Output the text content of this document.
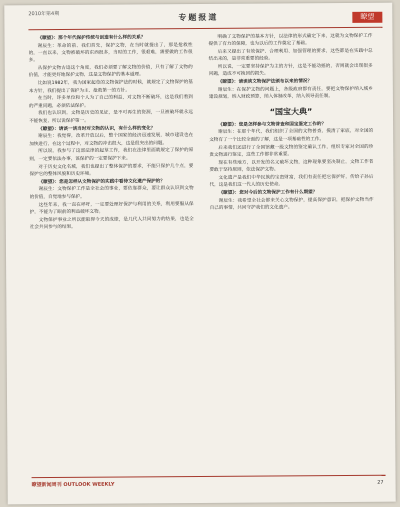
2010年第4期	专题报道	瞭望

《瞭望》：那个年代保护传统与创造有什么样的关系？

谢辰生：革命的前、我们首先，保护文物，在当时就提出了，那是抢救性的，一直以来，文物被破坏的东西很多，当时的工作，很艰难，需要做的工作很多。

从保护文物古迹这个角度，我们必须要了解文物的价值，只有了解了文物的价值，才能更好地保护文物，这是文物保护的基本道理。

比如说1982年，我为国家起草的文物保护法的时候，就规定了文物保护的基本方针，我们提出了保护为主、抢救第一的方针。

在当时，许多单位和个人为了自己的利益，对文物不断破坏，这是我们看到的严重问题，必须依法保护。

我们也认识到，文物是历史的见证，是不可再生的资源，一旦被破坏就永远不能恢复，所以说保护第一。

《瞭望》：请谈一谈当时对文物的认识，有什么样的变化？

谢辰生：我觉得，改革开放以后，整个国家的经济迅速发展，城市建设也在加快进行，在这个过程中，对文物的冲击很大，这是很突出的问题。

所以说，我参与了这部法律的起草工作，我们在法律里面就规定了保护的原则，一定要依法办事，该保护的一定要保护下来。

对于历史文化名城，我们也提出了整体保护的要求，不能只保护几个点，要保护它的整体风貌和历史环境。

《瞭望》：您是怎样从文物保护的实践中看待文化遗产保护的？

谢辰生：文物保护工作是全社会的事业，要依靠群众，要让群众认识到文物的价值，自觉地参与保护。

这些年来，我一直在呼吁，一定要处理好保护与利用的关系，利用要服从保护，不能为了眼前的利益破坏文物。

文物保护事业之所以能取得今天的成绩，是几代人共同努力的结果，也是全社会共同参与的结果。

明确了文物保护的基本方针，以法律的形式确定下来，这就为文物保护工作提供了有力的保障，也为以后的工作奠定了基础。

后来又提出了有效保护、合理利用、加强管理的要求，这些都是在实践中总结出来的，是非常重要的经验。

所以说，一定要坚持保护为主的方针，这是不能动摇的，否则就会出现很多问题，造成不可挽回的损失。

《瞭望》：请谈谈文物保护法颁布以来的情况？

谢辰生：在保护文物的问题上，各级政府都有责任，要把文物保护纳入城乡建设规划，纳入财政预算，纳入体制改革，纳入领导责任制。

“国宝大典”

《瞭望》：您是怎样参与文物普查和国宝鉴定工作的？

谢辰生：在那个年代，我们组织了全国的文物普查，摸清了家底，对全国的文物有了一个比较全面的了解，这是一项基础性的工作。

后来我们还进行了全国馆藏一级文物的鉴定确认工作，组织专家对全国的珍贵文物进行鉴定，这些工作都非常重要。

现在有些地方，以开发的名义破坏文物，这种现象要坚决制止，文物工作者要敢于坚持原则，依法保护文物。

文化遗产是我们中华民族的宝贵财富，我们有责任把它保护好，传给子孙后代，这是我们这一代人的历史使命。

《瞭望》：您对今后的文物保护工作有什么期望？

谢辰生：我希望全社会都来关心文物保护，提高保护意识，把保护文物当作自己的事情，共同守护我们的文化遗产。

瞭望新闻周刊 OUTLOOK WEEKLY	27
